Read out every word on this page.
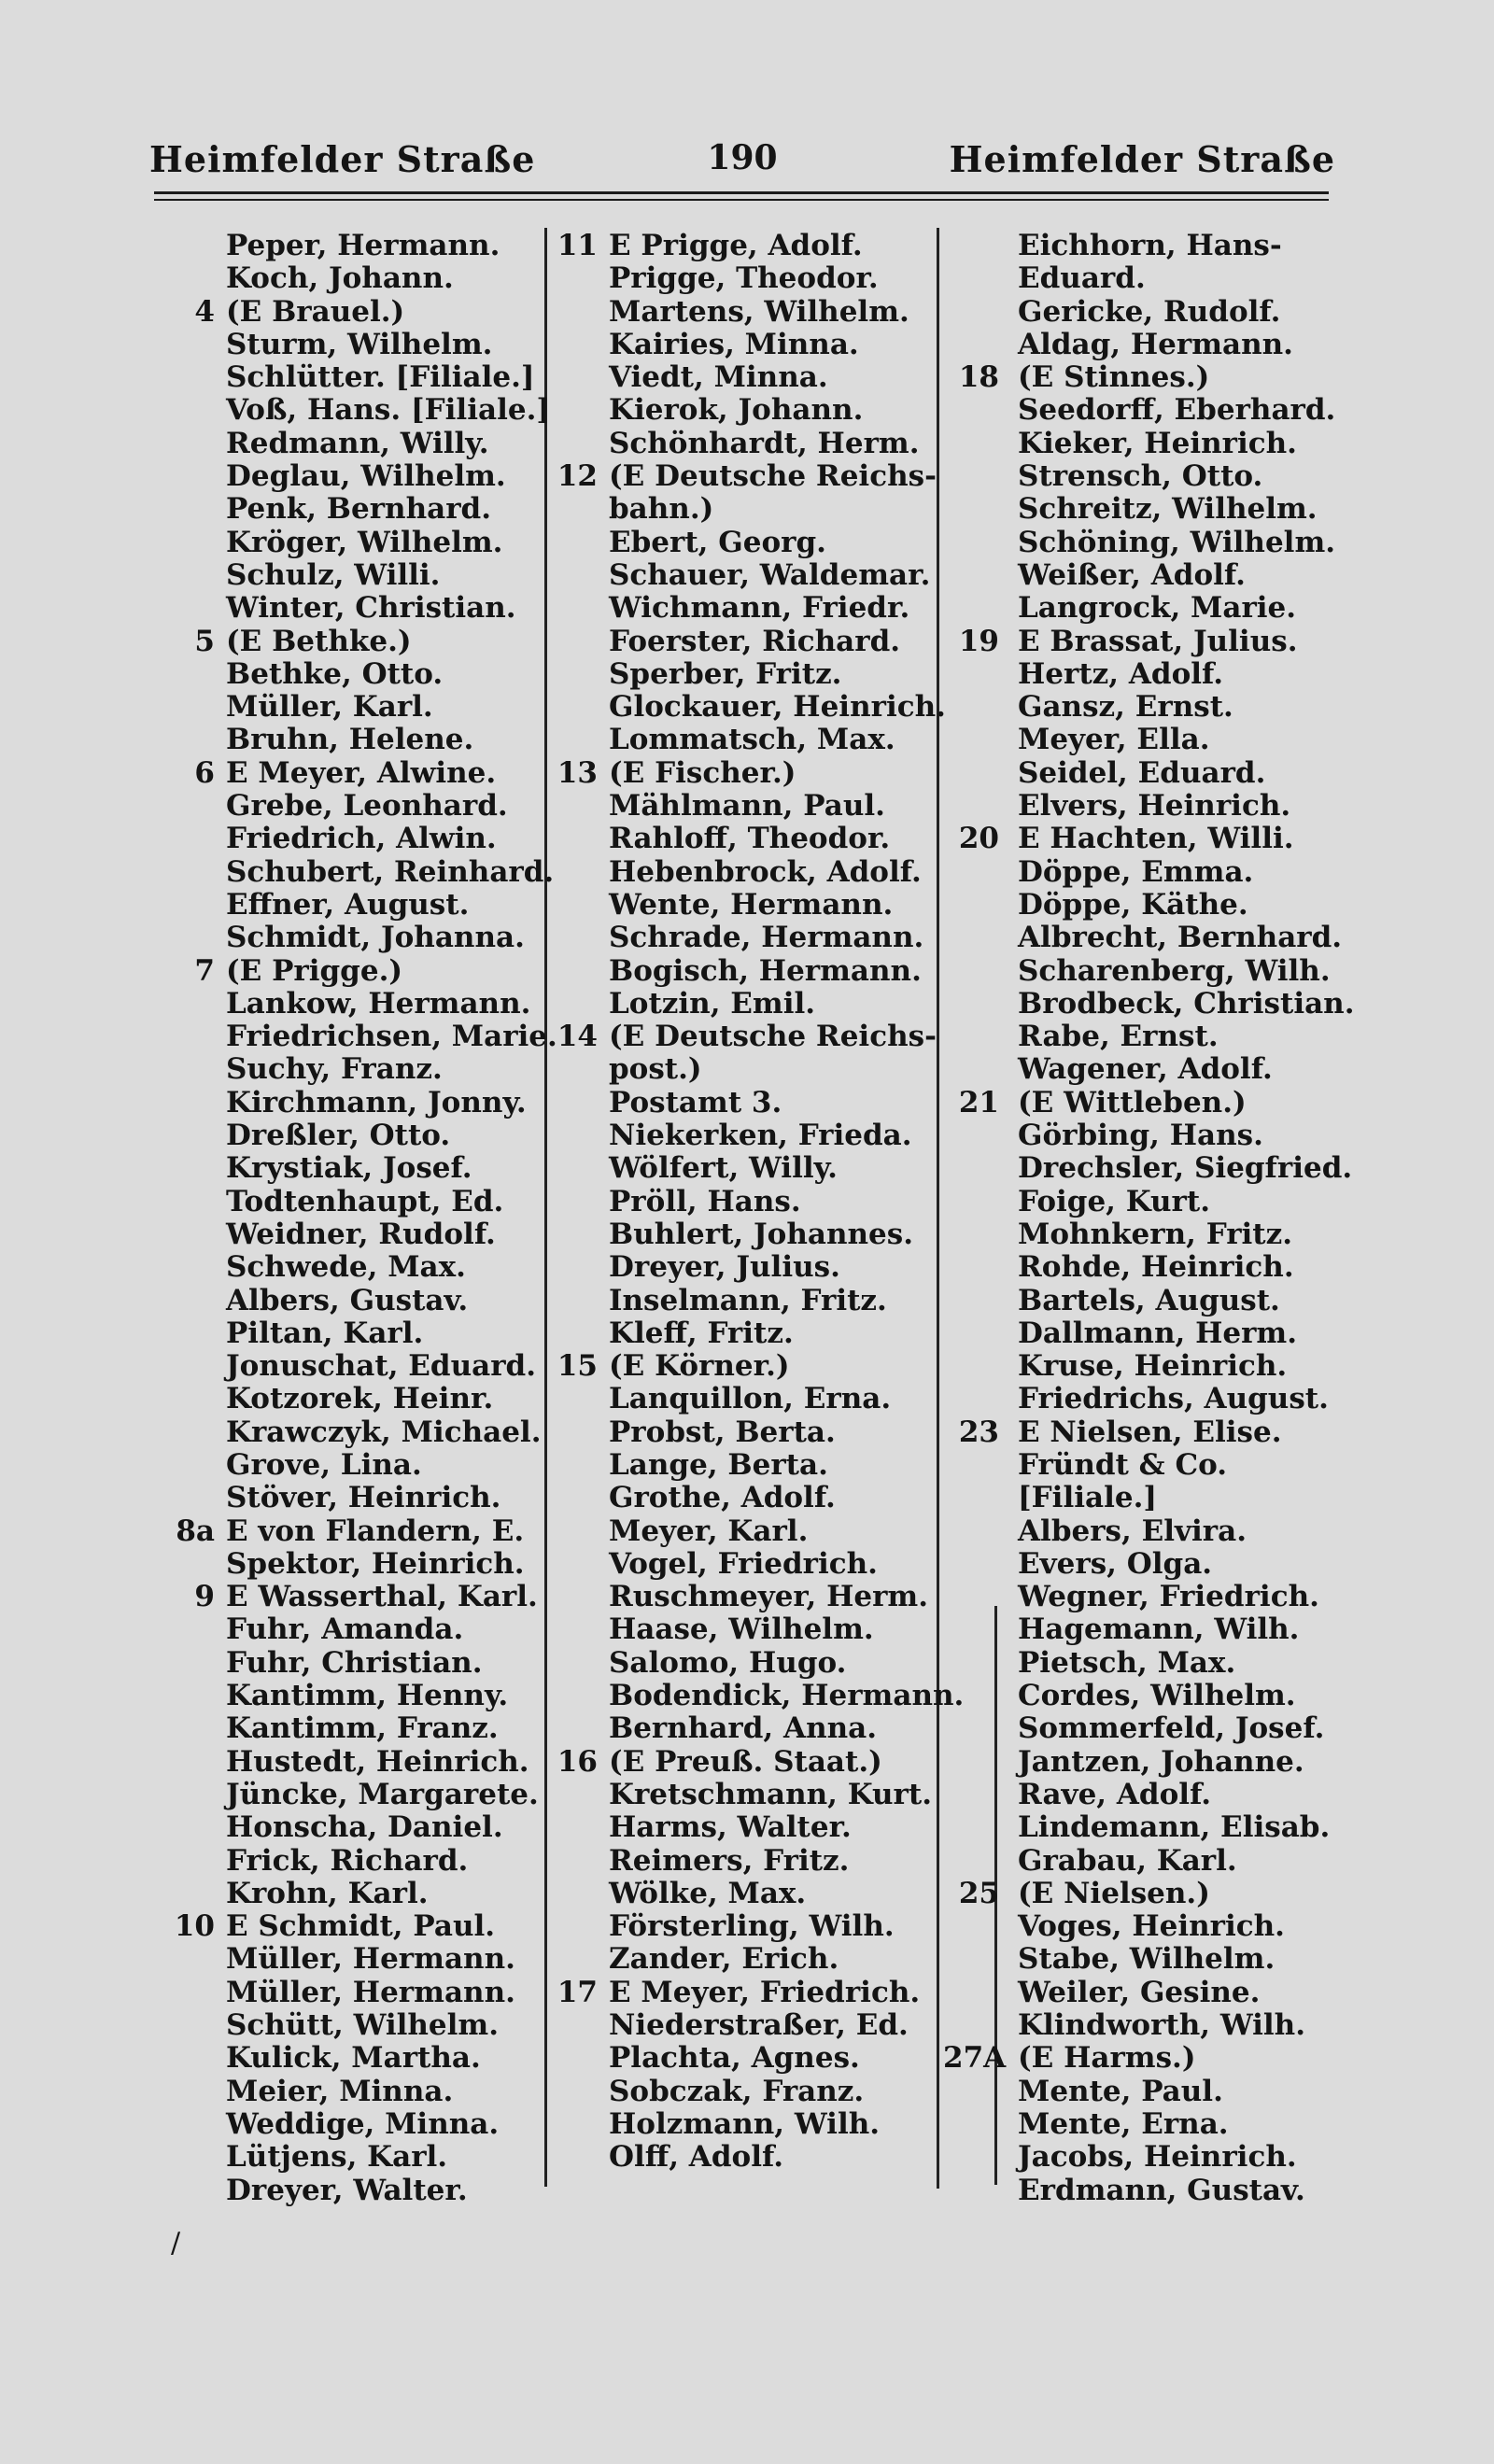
Heimfelder Straße	190	Heimfelder Straße
Peper, Hermann.
Koch, Johann.
4 (E Brauel.)
Sturm, Wilhelm.
Schlütter. [Filiale.]
Voß, Hans. [Filiale.]
Redmann, Willy.
Deglau, Wilhelm.
Penk, Bernhard.
Kröger, Wilhelm.
Schulz, Willi.
Winter, Christian.
5 (E Bethke.)
Bethke, Otto.
Müller, Karl.
Bruhn, Helene.
6 E Meyer, Alwine.
Grebe, Leonhard.
Friedrich, Alwin.
Schubert, Reinhard.
Effner, August.
Schmidt, Johanna.
7 (E Prigge.)
Lankow, Hermann.
Friedrichsen, Marie.
Suchy, Franz.
Kirchmann, Jonny.
Dreßler, Otto.
Krystiak, Josef.
Todtenhaupt, Ed.
Weidner, Rudolf.
Schwede, Max.
Albers, Gustav.
Piltan, Karl.
Jonuschat, Eduard.
Kotzorek, Heinr.
Krawczyk, Michael.
Grove, Lina.
Stöver, Heinrich.
8a E von Flandern, E.
Spektor, Heinrich.
9 E Wasserthal, Karl.
Fuhr, Amanda.
Fuhr, Christian.
Kantimm, Henny.
Kantimm, Franz.
Hustedt, Heinrich.
Jüncke, Margarete.
Honscha, Daniel.
Frick, Richard.
Krohn, Karl.
10 E Schmidt, Paul.
Müller, Hermann.
Müller, Hermann.
Schütt, Wilhelm.
Kulick, Martha.
Meier, Minna.
Weddige, Minna.
Lütjens, Karl.
Dreyer, Walter.
11 E Prigge, Adolf.
Prigge, Theodor.
Martens, Wilhelm.
Kairies, Minna.
Viedt, Minna.
Kierok, Johann.
Schönhardt, Herm.
12 (E Deutsche Reichs-
bahn.)
Ebert, Georg.
Schauer, Waldemar.
Wichmann, Friedr.
Foerster, Richard.
Sperber, Fritz.
Glockauer, Heinrich.
Lommatsch, Max.
13 (E Fischer.)
Mählmann, Paul.
Rahloff, Theodor.
Hebenbrock, Adolf.
Wente, Hermann.
Schrade, Hermann.
Bogisch, Hermann.
Lotzin, Emil.
14 (E Deutsche Reichs-
post.)
Postamt 3.
Niekerken, Frieda.
Wölfert, Willy.
Pröll, Hans.
Buhlert, Johannes.
Dreyer, Julius.
Inselmann, Fritz.
Kleff, Fritz.
15 (E Körner.)
Lanquillon, Erna.
Probst, Berta.
Lange, Berta.
Grothe, Adolf.
Meyer, Karl.
Vogel, Friedrich.
Ruschmeyer, Herm.
Haase, Wilhelm.
Salomo, Hugo.
Bodendick, Hermann.
Bernhard, Anna.
16 (E Preuß. Staat.)
Kretschmann, Kurt.
Harms, Walter.
Reimers, Fritz.
Wölke, Max.
Försterling, Wilh.
Zander, Erich.
17 E Meyer, Friedrich.
Niederstraßer, Ed.
Plachta, Agnes.
Sobczak, Franz.
Holzmann, Wilh.
Olff, Adolf.
Eichhorn, Hans-
Eduard.
Gericke, Rudolf.
Aldag, Hermann.
18 (E Stinnes.)
Seedorff, Eberhard.
Kieker, Heinrich.
Strensch, Otto.
Schreitz, Wilhelm.
Schöning, Wilhelm.
Weißer, Adolf.
Langrock, Marie.
19 E Brassat, Julius.
Hertz, Adolf.
Gansz, Ernst.
Meyer, Ella.
Seidel, Eduard.
Elvers, Heinrich.
20 E Hachten, Willi.
Döppe, Emma.
Döppe, Käthe.
Albrecht, Bernhard.
Scharenberg, Wilh.
Brodbeck, Christian.
Rabe, Ernst.
Wagener, Adolf.
21 (E Wittleben.)
Görbing, Hans.
Drechsler, Siegfried.
Foige, Kurt.
Mohnkern, Fritz.
Rohde, Heinrich.
Bartels, August.
Dallmann, Herm.
Kruse, Heinrich.
Friedrichs, August.
23 E Nielsen, Elise.
Fründt & Co.
[Filiale.]
Albers, Elvira.
Evers, Olga.
Wegner, Friedrich.
Hagemann, Wilh.
Pietsch, Max.
Cordes, Wilhelm.
Sommerfeld, Josef.
Jantzen, Johanne.
Rave, Adolf.
Lindemann, Elisab.
Grabau, Karl.
25 (E Nielsen.)
Voges, Heinrich.
Stabe, Wilhelm.
Weiler, Gesine.
Klindworth, Wilh.
27A (E Harms.)
Mente, Paul.
Mente, Erna.
Jacobs, Heinrich.
Erdmann, Gustav.
/
